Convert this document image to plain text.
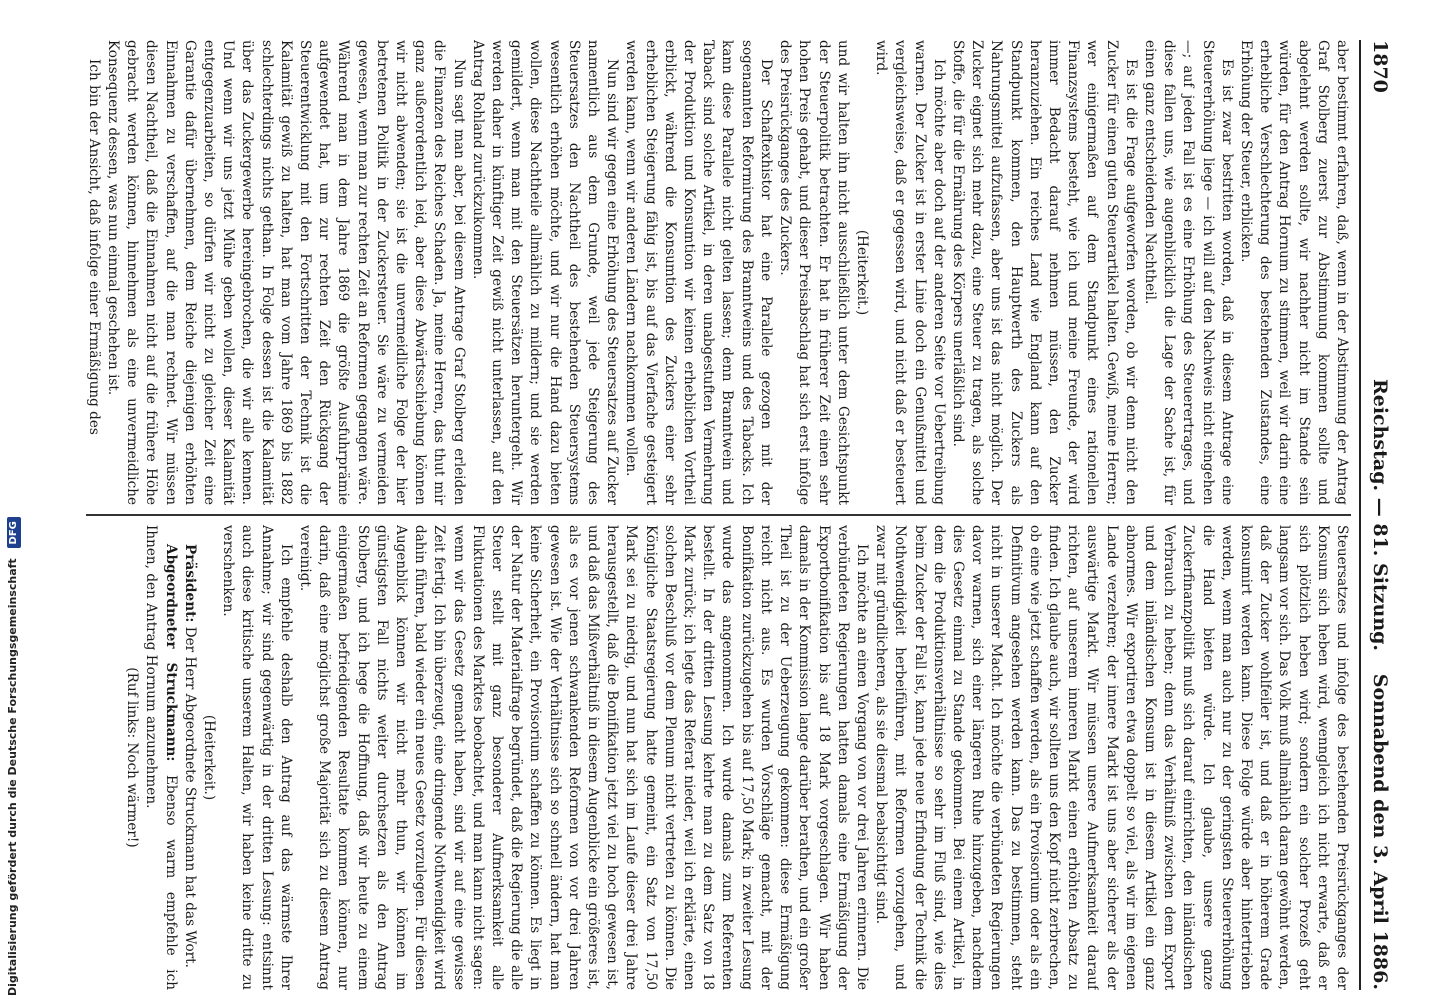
1870
Reichstag. — 81. Sitzung.
Sonnabend den 3. April 1886.

aber bestimmt erfahren, daß, wenn in der Abstimmung der Antrag Graf Stolberg zuerst zur Abstimmung kommen sollte und abgelehnt werden sollte, wir nachher nicht im Stande sein würden, für den Antrag Hornum zu stimmen, weil wir darin eine erhebliche Verschlechterung des bestehenden Zustandes, eine Erhöhung der Steuer, erblicken.

Es ist zwar bestritten worden, daß in diesem Antrage eine Steuererhöhung liege — ich will auf den Nachweis nicht eingehen —; auf jeden Fall ist es eine Erhöhung des Steuerertrages, und diese fallen uns, wie augenblicklich die Lage der Sache ist, für einen ganz entscheidenden Nachtheil.

Es ist die Frage aufgeworfen worden, ob wir denn nicht den Zucker für einen guten Steuerartikel halten. Gewiß, meine Herren; wer einigermaßen auf dem Standpunkt eines rationellen Finanzsystems besteht, wie ich und meine Freunde, der wird immer Bedacht darauf nehmen müssen, den Zucker heranzuziehen. Ein reiches Land wie England kann auf den Standpunkt kommen, den Hauptwerth des Zuckers als Nahrungsmittel aufzufassen, aber uns ist das nicht möglich. Der Zucker eignet sich mehr dazu, eine Steuer zu tragen, als solche Stoffe, die für die Ernährung des Körpers unerläßlich sind.

Ich möchte aber doch auf der anderen Seite vor Uebertreibung warnen. Der Zucker ist in erster Linie doch ein Genußmittel und vergleichsweise, daß er gegessen wird, und nicht daß er besteuert wird.

(Heiterkeit.)

und wir halten ihn nicht ausschließlich unter dem Gesichtspunkt der Steuerpolitik betrachten. Er hat in früherer Zeit einen sehr hohen Preis gehabt, und dieser Preisabschlag hat sich erst infolge des Preisrückganges des Zuckers.

Der Schaftexhistor hat eine Parallele gezogen mit der sogenannten Reformirung des Branntweins und des Tabacks. Ich kann diese Parallele nicht gelten lassen; denn Branntwein und Taback sind solche Artikel, in deren unabgestuften Vermehrung der Produktion und Konsumtion wir keinen erheblichen Vortheil erblickt, während die Konsumtion des Zuckers einer sehr erheblichen Steigerung fähig ist, bis auf das Vierfache gesteigert werden kann, wenn wir anderen Ländern nachkommen wollen.

Nun sind wir gegen eine Erhöhung des Steuersatzes auf Zucker namentlich aus dem Grunde, weil jede Steigerung des Steuersatzes den Nachtheil des bestehenden Steuersystems wesentlich erhöhen möchte, und wir nur die Hand dazu bieten wollen, diese Nachtheile allmählich zu mildern; und sie werden gemildert, wenn man mit den Steuersätzen heruntergeht. Wir werden daher in künftiger Zeit gewiß nicht unterlassen, auf den Antrag Rohland zurückzukommen.

Nun sagt man aber, bei diesem Antrage Graf Stolberg erleiden die Finanzen des Reiches Schaden. Ja, meine Herren, das thut mir ganz außerordentlich leid, aber diese Abwärtsschiebung können wir nicht abwenden; sie ist die unvermeidliche Folge der hier betretenen Politik in der Zuckersteuer. Sie wäre zu vermeiden gewesen, wenn man zur rechten Zeit an Reformen gegangen wäre. Während man in dem Jahre 1869 die größte Ausfuhrprämie aufgewendet hat, um zur rechten Zeit den Rückgang der Steuerentwicklung mit den Fortschritten der Technik ist die Kalamität gewiß zu halten, hat man vom Jahre 1869 bis 1882 schlechterdings nichts gethan. In Folge dessen ist die Kalamität über das Zuckergewerbe hereingebrochen, die wir alle kennen. Und wenn wir uns jetzt Mühe geben wollen, dieser Kalamität entgegenzuarbeiten, so dürfen wir nicht zu gleicher Zeit eine Garantie dafür übernehmen, dem Reiche diejenigen erhöhten Einnahmen zu verschaffen, auf die man rechnet. Wir müssen diesen Nachtheil, daß die Einnahmen nicht auf die frühere Höhe gebracht werden können, hinnehmen als eine unvermeidliche Konsequenz dessen, was nun einmal geschehen ist.

Ich bin der Ansicht, daß infolge einer Ermäßigung des

Steuersatzes und infolge des bestehenden Preisrückganges der Konsum sich heben wird, wenngleich ich nicht erwarte, daß er sich plötzlich heben wird; sondern ein solcher Prozeß geht langsam vor sich. Das Volk muß allmählich daran gewöhnt werden, daß der Zucker wohlfeiler ist, und daß er in höherem Grade konsumirt werden kann. Diese Folge würde aber hintertrieben werden, wenn man auch nur zu der geringsten Steuererhöhung die Hand bieten würde. Ich glaube, unsere ganze Zuckerfinanzpolitik muß sich darauf einrichten, den inländischen Verbrauch zu heben; denn das Verhältniß zwischen dem Export und dem inländischen Konsum ist in diesem Artikel ein ganz abnormes. Wir exportiren etwa doppelt so viel, als wir im eigenen Lande verzehren; der innere Markt ist uns aber sicherer als der auswärtige Markt. Wir müssen unsere Aufmerksamkeit darauf richten, auf unserem inneren Markt einen erhöhten Absatz zu finden. Ich glaube auch, wir sollten uns den Kopf nicht zerbrechen, ob eine wie jetzt schaffen werden, als ein Provisorium oder als ein Definitivum angesehen werden kann. Das zu bestimmen, steht nicht in unserer Macht. Ich möchte die verbündeten Regierungen davor warnen, sich einer längeren Ruhe hinzugeben, nachdem dies Gesetz einmal zu Stande gekommen. Bei einem Artikel, in dem die Produktionsverhältnisse so sehr im Fluß sind, wie dies beim Zucker der Fall ist, kann jede neue Erfindung der Technik die Nothwendigkeit herbeiführen, mit Reformen vorzugehen, und zwar mit gründlicheren, als sie diesmal beabsichtigt sind.

Ich möchte an einen Vorgang von vor drei Jahren erinnern. Die verbündeten Regierungen hatten damals eine Ermäßigung der Exportbonifikation bis auf 18 Mark vorgeschlagen. Wir haben damals in der Kommission lange darüber berathen, und ein großer Theil ist zu der Ueberzeugung gekommen: diese Ermäßigung reicht nicht aus. Es wurden Vorschläge gemacht, mit der Bonifikation zurückzugehen bis auf 17,50 Mark; in zweiter Lesung wurde das angenommen. Ich wurde damals zum Referenten bestellt. In der dritten Lesung kehrte man zu dem Satz von 18 Mark zurück; ich legte das Referat nieder, weil ich erklärte, einen solchen Beschluß vor dem Plenum nicht vertreten zu können. Die Königliche Staatsregierung hatte gemeint, ein Satz von 17,50 Mark sei zu niedrig, und nun hat sich im Laufe dieser drei Jahre herausgestellt, daß die Bonifikation jetzt viel zu hoch gewesen ist, und daß das Mißverhältniß in diesem Augenblicke ein größeres ist, als es vor jenen schwankenden Reformen von vor drei Jahren gewesen ist. Wie der Verhältnisse sich so schnell ändern, hat man keine Sicherheit, ein Provisorium schaffen zu können. Es liegt in der Natur der Materialfrage begründet, daß die Regierung die alle Steuer stellt mit ganz besonderer Aufmerksamkeit alle Fluktuationen des Marktes beobachtet, und man kann nicht sagen: wenn wir das Gesetz gemacht haben, sind wir auf eine gewisse Zeit fertig. Ich bin überzeugt, eine dringende Nothwendigkeit wird dahin führen, bald wieder ein neues Gesetz vorzulegen. Für diesen Augenblick können wir nicht mehr thun, wir können im günstigsten Fall nichts weiter durchsetzen als den Antrag Stolberg, und ich hege die Hoffnung, daß wir heute zu einem einigermaßen befriedigenden Resultate kommen können, nur darin, daß eine möglichst große Majorität sich zu diesem Antrag vereinigt.

Ich empfehle deshalb den Antrag auf das wärmste Ihrer Annahme; wir sind gegenwärtig in der dritten Lesung: entsinnt auch diese kritische unserem Halten, wir haben keine dritte zu verschenken.

(Heiterkeit.)

Präsident: Der Herr Abgeordnete Struckmann hat das Wort.

Abgeordneter Struckmann: Ebenso warm empfehle ich Ihnen, den Antrag Hornum anzunehmen.

(Ruf links: Noch wärmer!)

Digitalisierung gefördert durch die Deutsche Forschungsgemeinschaft DFG
